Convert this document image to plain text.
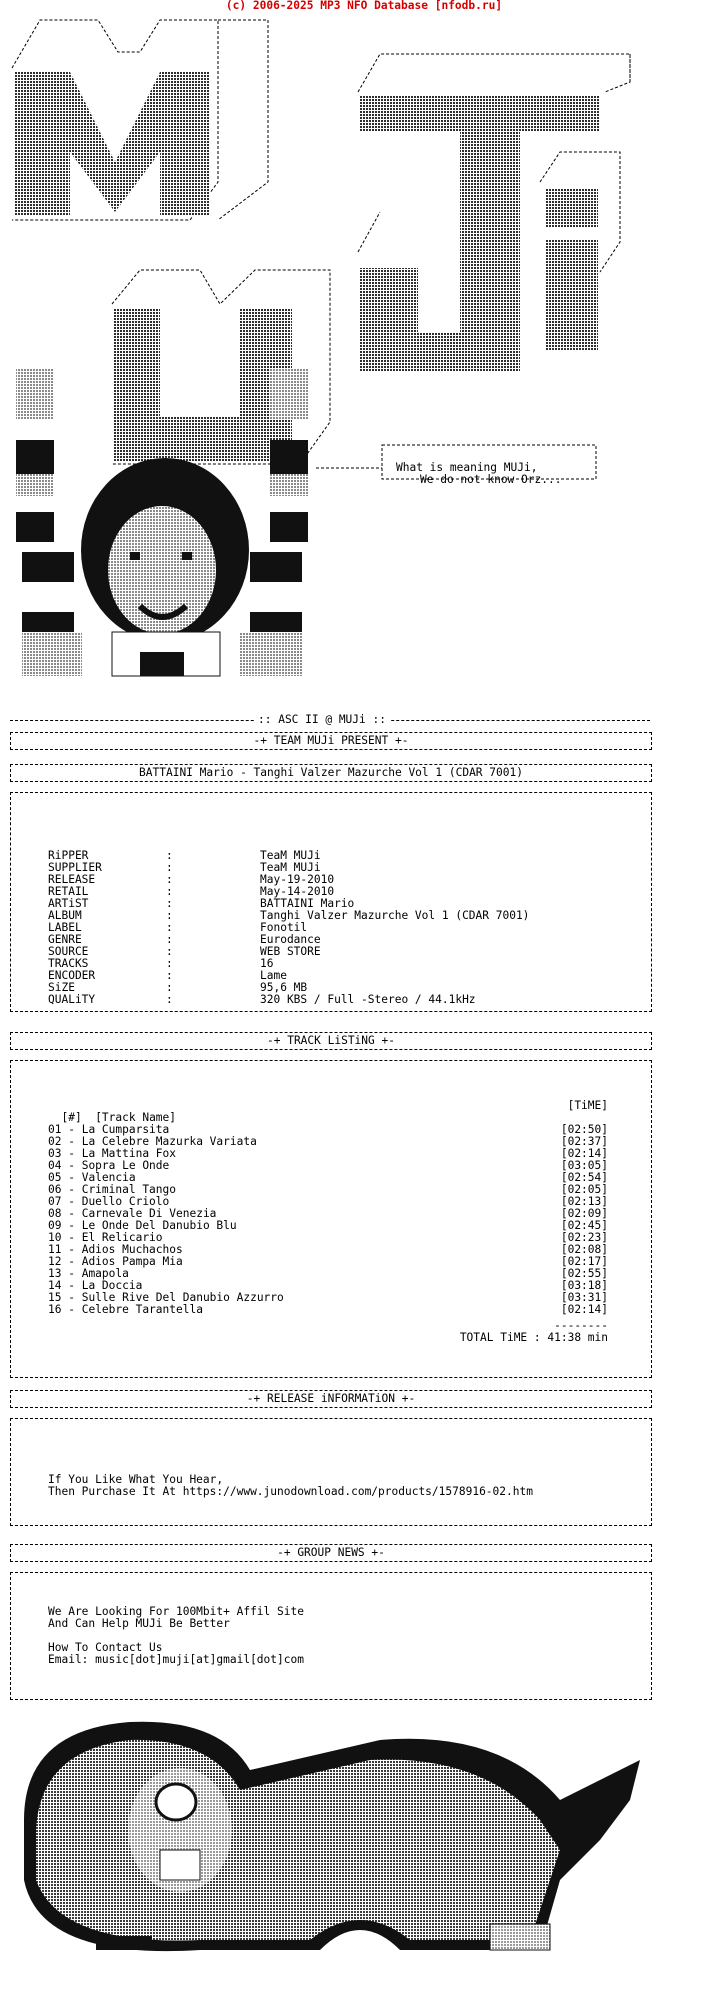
(c) 2006-2025 MP3 NFO Database [nfodb.ru]

What is meaning MUJi,
We do not know Orz...

:: ASC II @ MUJi ::

-+ TEAM MUJi PRESENT +-
BATTAINI Mario - Tanghi Valzer Mazurche Vol 1 (CDAR 7001)
RiPPER	:	TeaM MUJi
SUPPLIER	:	TeaM MUJi
RELEASE	:	May-19-2010
RETAIL	:	May-14-2010
ARTiST	:	BATTAINI Mario
ALBUM	:	Tanghi Valzer Mazurche Vol 1 (CDAR 7001)
LABEL	:	Fonotil
GENRE	:	Eurodance
SOURCE	:	WEB STORE
TRACKS	:	16
ENCODER	:	Lame
SiZE	:	95,6 MB
QUALiTY	:	320 KBS / Full -Stereo / 44.1kHz
-+ TRACK LiSTiNG +-

[#] [Track Name]

[TiME]

01 - La Cumparsita	[02:50]
02 - La Celebre Mazurka Variata	[02:37]
03 - La Mattina Fox	[02:14]
04 - Sopra Le Onde	[03:05]
05 - Valencia	[02:54]
06 - Criminal Tango	[02:05]
07 - Duello Criolo	[02:13]
08 - Carnevale Di Venezia	[02:09]
09 - Le Onde Del Danubio Blu	[02:45]
10 - El Relicario	[02:23]
11 - Adios Muchachos	[02:08]
12 - Adios Pampa Mia	[02:17]
13 - Amapola	[02:55]
14 - La Doccia	[03:18]
15 - Sulle Rive Del Danubio Azzurro	[03:31]
16 - Celebre Tarantella	[02:14]

--------

TOTAL TiME : 41:38 min

-+ RELEASE iNFORMATiON +-
If You Like What You Hear,
Then Purchase It At https://www.junodownload.com/products/1578916-02.htm
-+ GROUP NEWS +-
We Are Looking For 100Mbit+ Affil Site
And Can Help MUJi Be Better
How To Contact Us
Email: music[dot]muji[at]gmail[dot]com
